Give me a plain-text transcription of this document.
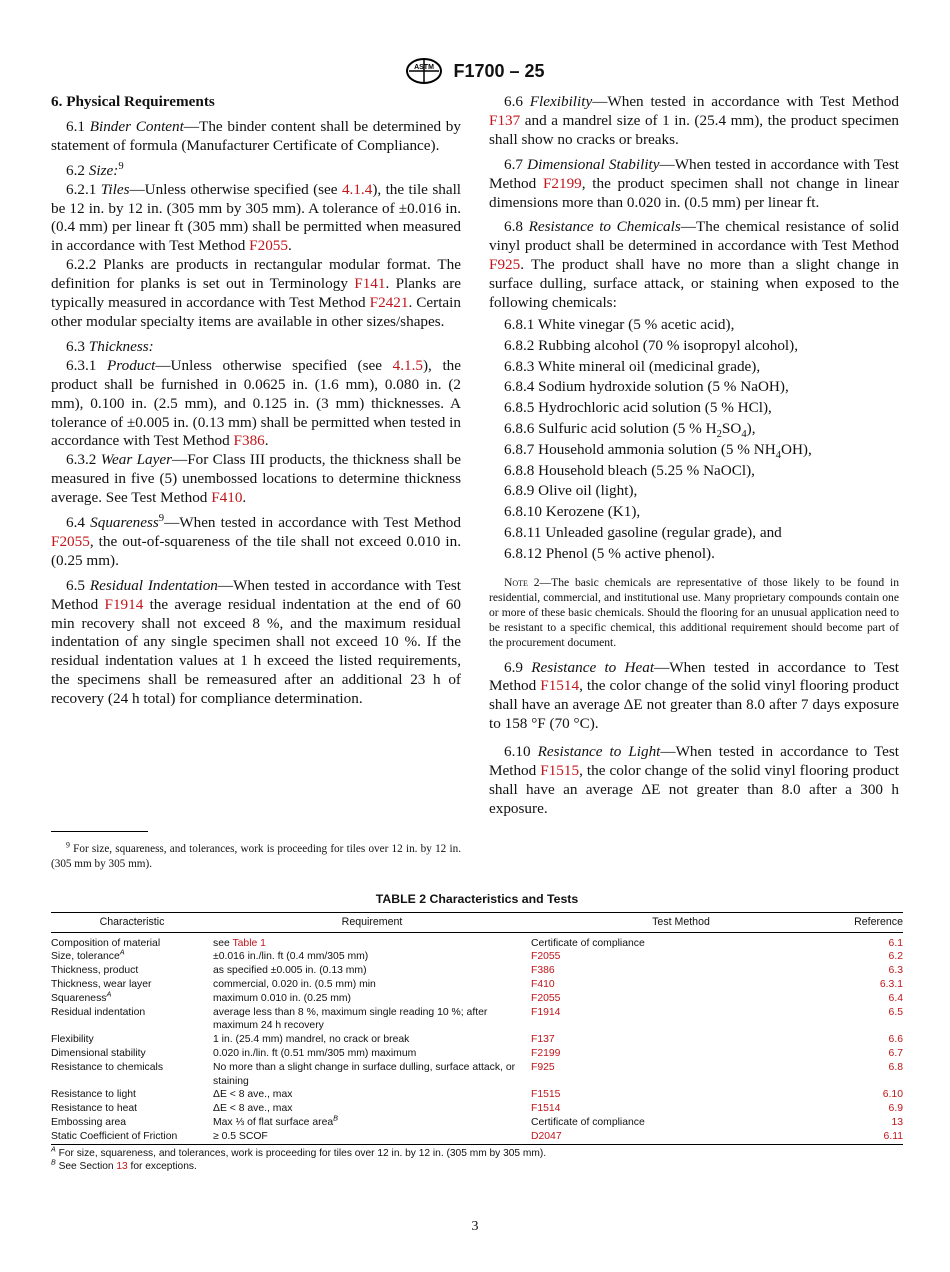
ASTM F1700 – 25
6. Physical Requirements

6.1 Binder Content—The binder content shall be determined by statement of formula (Manufacturer Certificate of Compliance).

6.2 Size:$^9$

6.2.1 Tiles—Unless otherwise specified (see 4.1.4), the tile shall be 12 in. by 12 in. (305 mm by 305 mm). A tolerance of ±0.016 in. (0.4 mm) per linear ft (305 mm) shall be permitted when measured in accordance with Test Method F2055.

6.2.2 Planks are products in rectangular modular format. The definition for planks is set out in Terminology F141. Planks are typically measured in accordance with Test Method F2421. Certain other modular specialty items are available in other sizes/shapes.

6.3 Thickness:

6.3.1 Product—Unless otherwise specified (see 4.1.5), the product shall be furnished in 0.0625 in. (1.6 mm), 0.080 in. (2 mm), 0.100 in. (2.5 mm), and 0.125 in. (3 mm) thicknesses. A tolerance of ±0.005 in. (0.13 mm) shall be permitted when tested in accordance with Test Method F386.

6.3.2 Wear Layer—For Class III products, the thickness shall be measured in five (5) unembossed locations to determine thickness average. See Test Method F410.

6.4 Squareness$^9$—When tested in accordance with Test Method F2055, the out-of-squareness of the tile shall not exceed 0.010 in. (0.25 mm).

6.5 Residual Indentation—When tested in accordance with Test Method F1914 the average residual indentation at the end of 60 min recovery shall not exceed 8 %, and the maximum residual indentation of any single specimen shall not exceed 10 %. If the residual indentation values at 1 h exceed the listed requirements, the specimens shall be remeasured after an additional 23 h of recovery (24 h total) for compliance determination.

$^9$ For size, squareness, and tolerances, work is proceeding for tiles over 12 in. by 12 in. (305 mm by 305 mm).

6.6 Flexibility—When tested in accordance with Test Method F137 and a mandrel size of 1 in. (25.4 mm), the product specimen shall show no cracks or breaks.

6.7 Dimensional Stability—When tested in accordance with Test Method F2199, the product specimen shall not change in linear dimensions more than 0.020 in. (0.5 mm) per linear ft.

6.8 Resistance to Chemicals—The chemical resistance of solid vinyl product shall be determined in accordance with Test Method F925. The product shall have no more than a slight change in surface dulling, surface attack, or staining when exposed to the following chemicals:

6.8.1 White vinegar (5 % acetic acid),

6.8.2 Rubbing alcohol (70 % isopropyl alcohol),

6.8.3 White mineral oil (medicinal grade),

6.8.4 Sodium hydroxide solution (5 % NaOH),

6.8.5 Hydrochloric acid solution (5 % HCl),

6.8.6 Sulfuric acid solution (5 % $H_2SO_4$),

6.8.7 Household ammonia solution (5 % $NH_4OH$),

6.8.8 Household bleach (5.25 % NaOCl),

6.8.9 Olive oil (light),

6.8.10 Kerozene (K1),

6.8.11 Unleaded gasoline (regular grade), and

6.8.12 Phenol (5 % active phenol).

Note 2—The basic chemicals are representative of those likely to be found in residential, commercial, and institutional use. Many proprietary compounds contain one or more of these basic chemicals. Should the flooring for an unusual application need to be resistant to a specific chemical, this additional requirement should become part of the procurement document.

6.9 Resistance to Heat—When tested in accordance to Test Method F1514, the color change of the solid vinyl flooring product shall have an average ΔE not greater than 8.0 after 7 days exposure to 158 °F (70 °C).

6.10 Resistance to Light—When tested in accordance to Test Method F1515, the color change of the solid vinyl flooring product shall have an average ΔE not greater than 8.0 after a 300 h exposure.

TABLE 2 Characteristics and Tests
Characteristic	Requirement	Test Method	Reference
Composition of material	see Table 1	Certificate of compliance	6.1
Size, tolerance$^A$	±0.016 in./lin. ft (0.4 mm/305 mm)	F2055	6.2
Thickness, product	as specified ±0.005 in. (0.13 mm)	F386	6.3
Thickness, wear layer	commercial, 0.020 in. (0.5 mm) min	F410	6.3.1
Squareness$^A$	maximum 0.010 in. (0.25 mm)	F2055	6.4
Residual indentation	average less than 8 %, maximum single reading 10 %; after maximum 24 h recovery	F1914	6.5
Flexibility	1 in. (25.4 mm) mandrel, no crack or break	F137	6.6
Dimensional stability	0.020 in./lin. ft (0.51 mm/305 mm) maximum	F2199	6.7
Resistance to chemicals	No more than a slight change in surface dulling, surface attack, or staining	F925	6.8
Resistance to light	ΔE < 8 ave., max	F1515	6.10
Resistance to heat	ΔE < 8 ave., max	F1514	6.9
Embossing area	Max ⅓ of flat surface area$^B$	Certificate of compliance	13
Static Coefficient of Friction	≥ 0.5 SCOF	D2047	6.11
$^A$ For size, squareness, and tolerances, work is proceeding for tiles over 12 in. by 12 in. (305 mm by 305 mm).
$^B$ See Section 13 for exceptions.
3
